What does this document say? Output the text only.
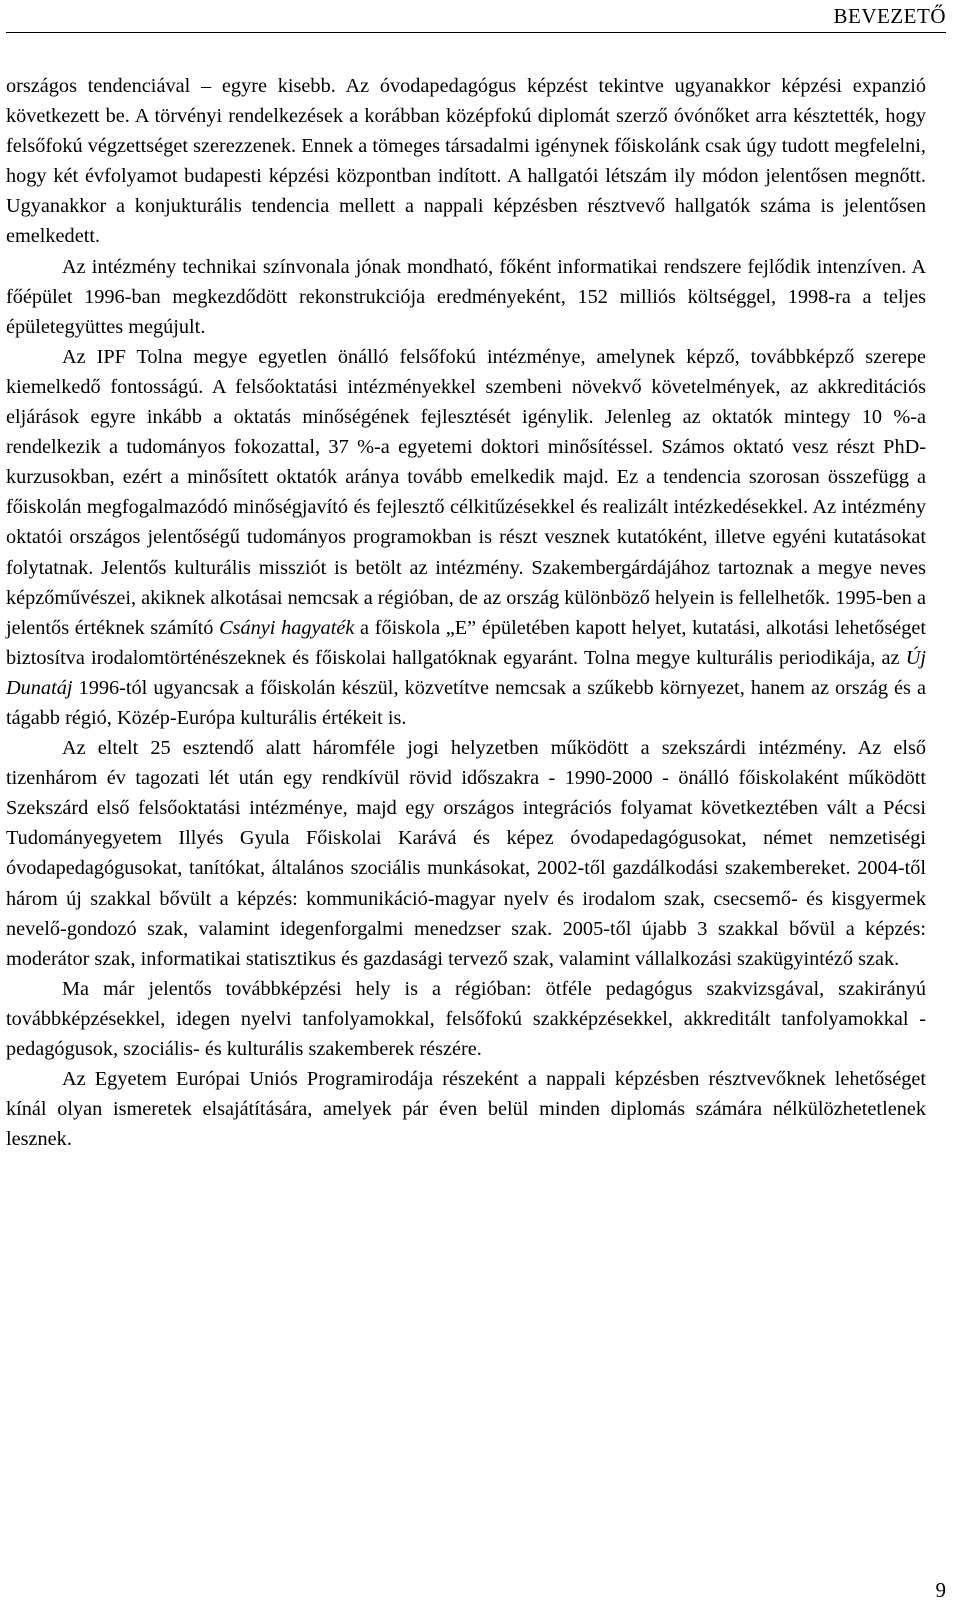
BEVEZETŐ

országos tendenciával – egyre kisebb. Az óvodapedagógus képzést tekintve ugyanakkor képzési expanzió következett be. A törvényi rendelkezések a korábban középfokú diplomát szerző óvónőket arra késztették, hogy felsőfokú végzettséget szerezzenek. Ennek a tömeges társadalmi igénynek főiskolánk csak úgy tudott megfelelni, hogy két évfolyamot budapesti képzési központban indított. A hallgatói létszám ily módon jelentősen megnőtt. Ugyanakkor a konjukturális tendencia mellett a nappali képzésben résztvevő hallgatók száma is jelentősen emelkedett.

Az intézmény technikai színvonala jónak mondható, főként informatikai rendszere fejlődik intenzíven. A főépület 1996-ban megkezdődött rekonstrukciója eredményeként, 152 milliós költséggel, 1998-ra a teljes épületegyüttes megújult.

Az IPF Tolna megye egyetlen önálló felsőfokú intézménye, amelynek képző, továbbképző szerepe kiemelkedő fontosságú. A felsőoktatási intézményekkel szembeni növekvő követelmények, az akkreditációs eljárások egyre inkább a oktatás minőségének fejlesztését igénylik. Jelenleg az oktatók mintegy 10 %-a rendelkezik a tudományos fokozattal, 37 %-a egyetemi doktori minősítéssel. Számos oktató vesz részt PhD-kurzusokban, ezért a minősített oktatók aránya tovább emelkedik majd. Ez a tendencia szorosan összefügg a főiskolán megfogalmazódó minőségjavító és fejlesztő célkitűzésekkel és realizált intézkedésekkel. Az intézmény oktatói országos jelentőségű tudományos programokban is részt vesznek kutatóként, illetve egyéni kutatásokat folytatnak. Jelentős kulturális missziót is betölt az intézmény. Szakembergárdájához tartoznak a megye neves képzőművészei, akiknek alkotásai nemcsak a régióban, de az ország különböző helyein is fellelhetők. 1995-ben a jelentős értéknek számító Csányi hagyaték a főiskola „E” épületében kapott helyet, kutatási, alkotási lehetőséget biztosítva irodalomtörténészeknek és főiskolai hallgatóknak egyaránt. Tolna megye kulturális periodikája, az Új Dunatáj 1996-tól ugyancsak a főiskolán készül, közvetítve nemcsak a szűkebb környezet, hanem az ország és a tágabb régió, Közép-Európa kulturális értékeit is.

Az eltelt 25 esztendő alatt háromféle jogi helyzetben működött a szekszárdi intézmény. Az első tizenhárom év tagozati lét után egy rendkívül rövid időszakra - 1990-2000 - önálló főiskolaként működött Szekszárd első felsőoktatási intézménye, majd egy országos integrációs folyamat következtében vált a Pécsi Tudományegyetem Illyés Gyula Főiskolai Karává és képez óvodapedagógusokat, német nemzetiségi óvodapedagógusokat, tanítókat, általános szociális munkásokat, 2002-től gazdálkodási szakembereket. 2004-től három új szakkal bővült a képzés: kommunikáció-magyar nyelv és irodalom szak, csecsemő- és kisgyermek nevelő-gondozó szak, valamint idegenforgalmi menedzser szak. 2005-től újabb 3 szakkal bővül a képzés: moderátor szak, informatikai statisztikus és gazdasági tervező szak, valamint vállalkozási szakügyintéző szak.

Ma már jelentős továbbképzési hely is a régióban: ötféle pedagógus szakvizsgával, szakirányú továbbképzésekkel, idegen nyelvi tanfolyamokkal, felsőfokú szakképzésekkel, akkreditált tanfolyamokkal - pedagógusok, szociális- és kulturális szakemberek részére.

Az Egyetem Európai Uniós Programirodája részeként a nappali képzésben résztvevőknek lehetőséget kínál olyan ismeretek elsajátítására, amelyek pár éven belül minden diplomás számára nélkülözhetetlenek lesznek.

9
